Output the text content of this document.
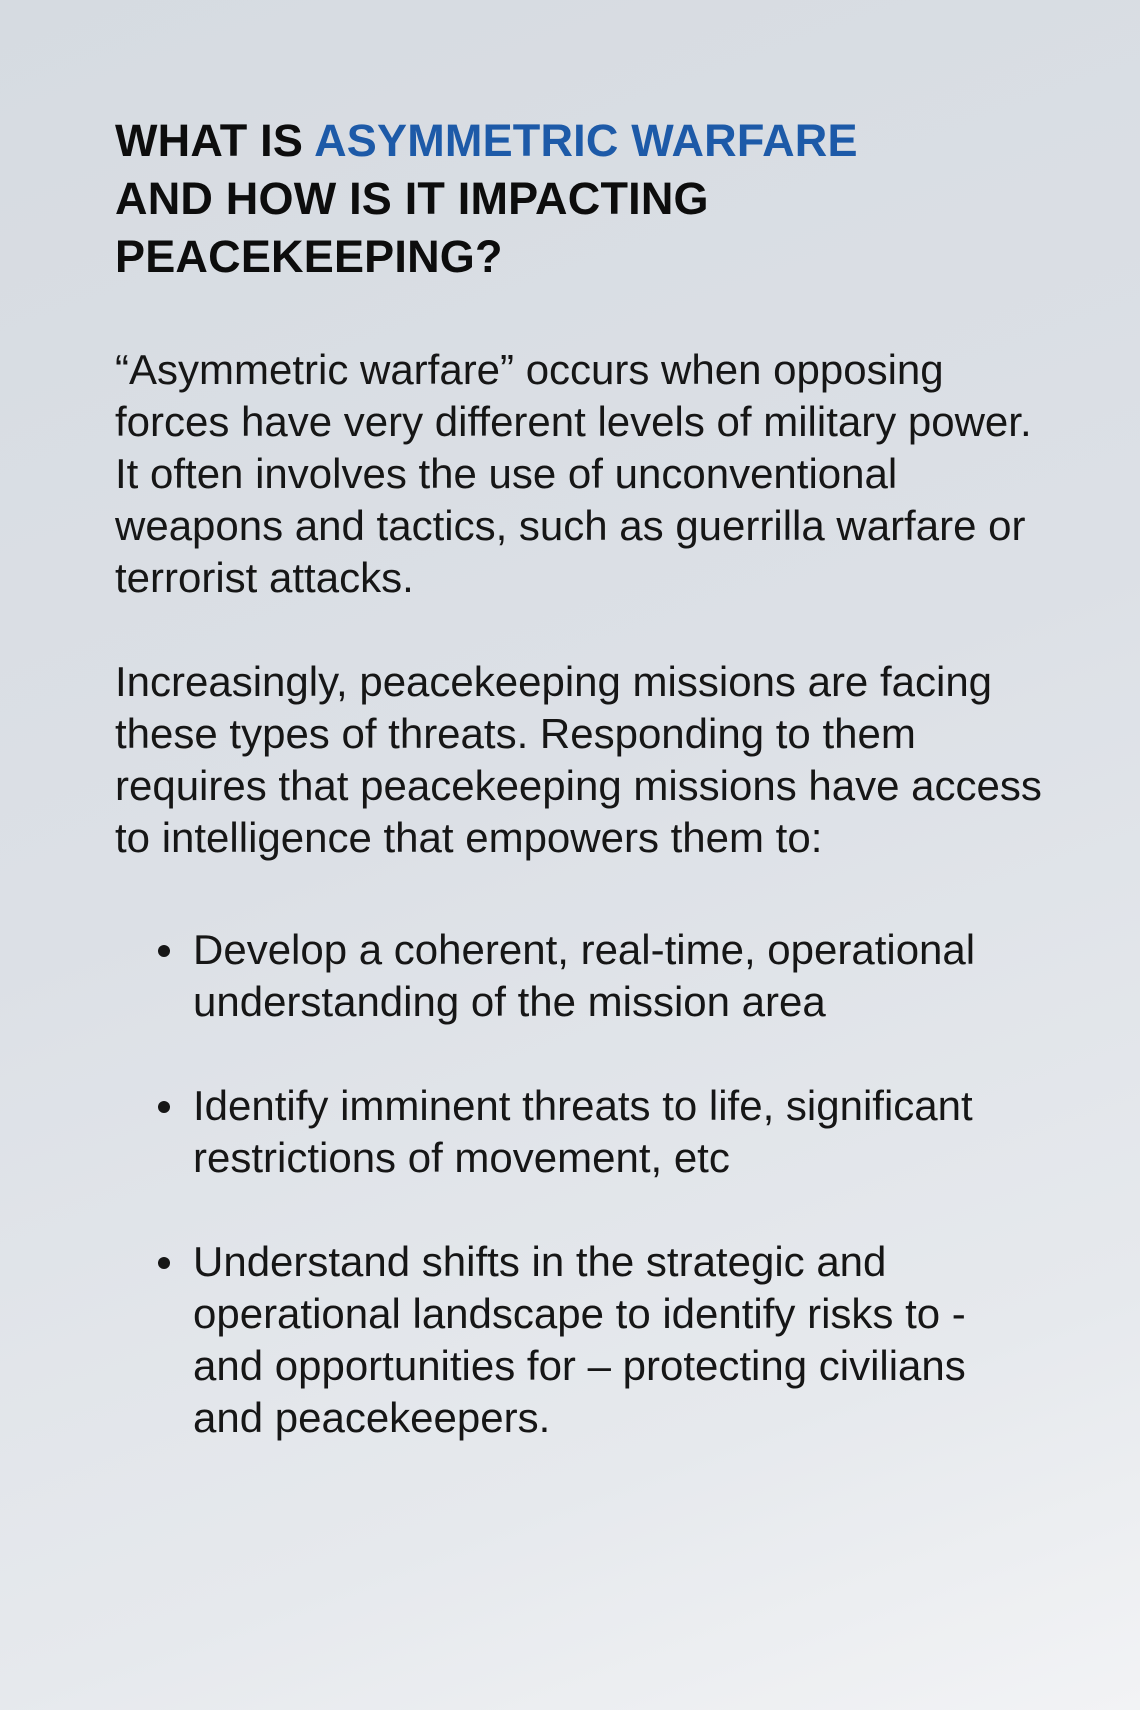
WHAT IS ASYMMETRIC WARFARE
AND HOW IS IT IMPACTING
PEACEKEEPING?

“Asymmetric warfare” occurs when opposing forces have very different levels of military power. It often involves the use of unconventional weapons and tactics, such as guerrilla warfare or terrorist attacks.

Increasingly, peacekeeping missions are facing these types of threats. Responding to them requires that peacekeeping missions have access to intelligence that empowers them to:

Develop a coherent, real-time, operational understanding of the mission area
Identify imminent threats to life, significant restrictions of movement, etc
Understand shifts in the strategic and operational landscape to identify risks to - and opportunities for – protecting civilians and peacekeepers.
